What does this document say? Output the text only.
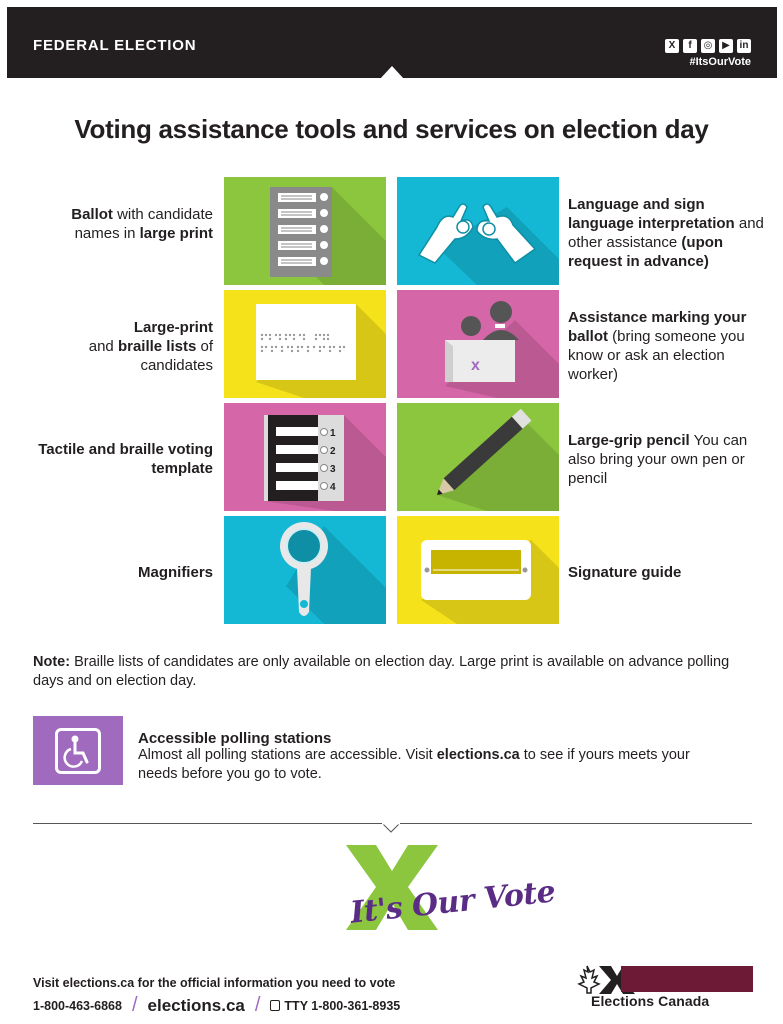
FEDERAL ELECTION	X	f	◎ ▶ in
#ItsOurVote
Voting assistance tools and services on election day
1
2
3
4
x
Ballot with candidate names in large print
Large-print
and braille lists of candidates
Tactile and braille voting template
Magnifiers
Language and sign language interpretation and other assistance (upon request in advance)
Assistance marking your ballot (bring someone you know or ask an election worker)
Large-grip pencil You can also bring your own pen or pencil
Signature guide
Note: Braille lists of candidates are only available on election day. Large print is available on advance polling days and on election day.
Accessible polling stations
Almost all polling stations are accessible. Visit elections.ca to see if yours meets your needs before you go to vote.
It's Our Vote
Visit elections.ca for the official information you need to vote
1-800-463-6868 / elections.ca / TTY 1-800-361-8935	Elections Canada
